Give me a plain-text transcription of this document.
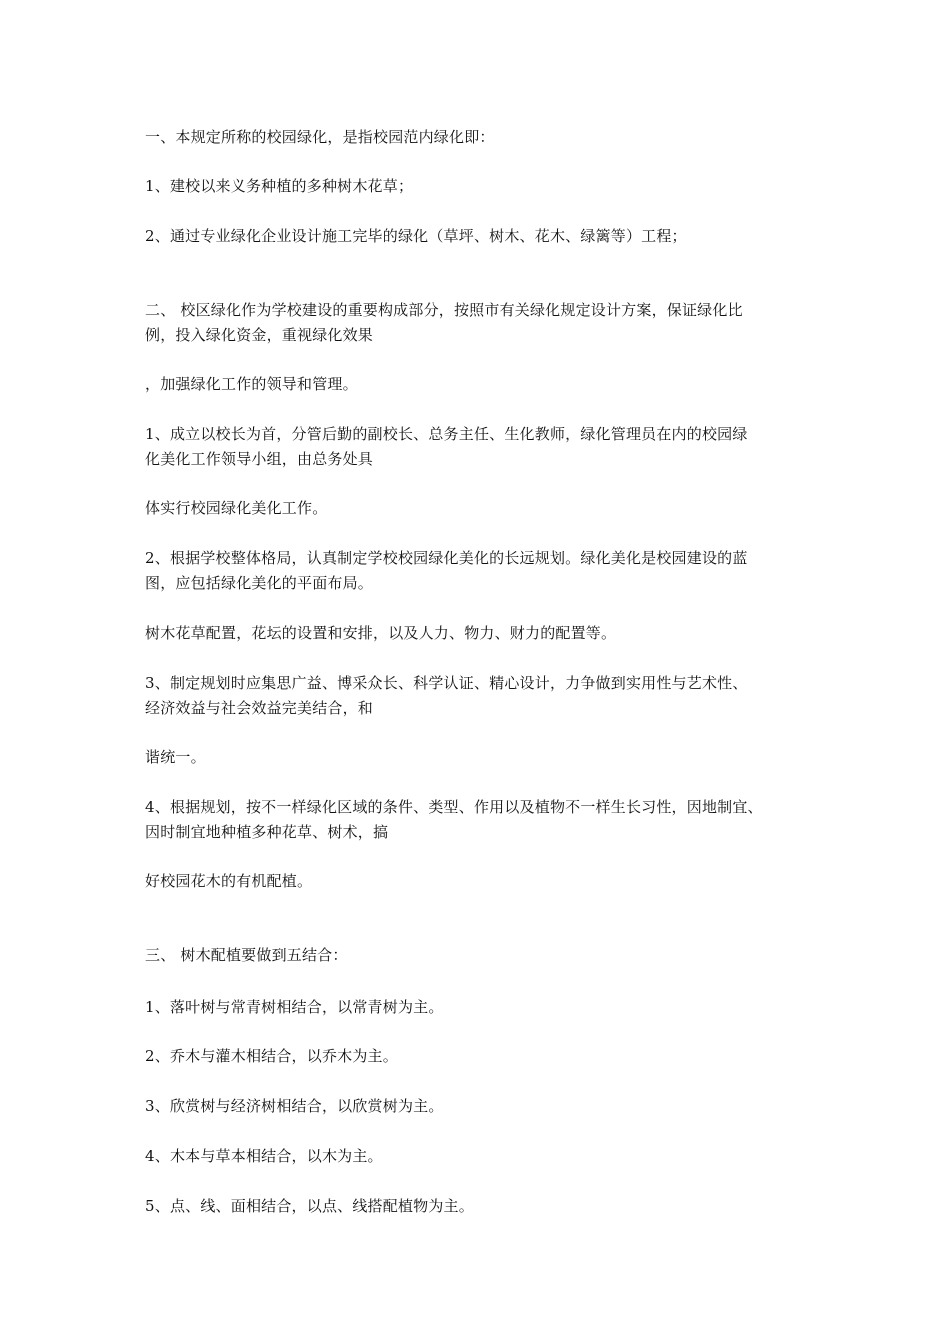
一、本规定所称的校园绿化，是指校园范内绿化即：
1、建校以来义务种植的多种树木花草；
2、通过专业绿化企业设计施工完毕的绿化（草坪、树木、花木、绿篱等）工程；
二、 校区绿化作为学校建设的重要构成部分，按照市有关绿化规定设计方案，保证绿化比
例，投入绿化资金，重视绿化效果
，加强绿化工作的领导和管理。
1、成立以校长为首，分管后勤的副校长、总务主任、生化教师，绿化管理员在内的校园绿
化美化工作领导小组，由总务处具
体实行校园绿化美化工作。
2、根据学校整体格局，认真制定学校校园绿化美化的长远规划。绿化美化是校园建设的蓝
图，应包括绿化美化的平面布局。
树木花草配置，花坛的设置和安排，以及人力、物力、财力的配置等。
3、制定规划时应集思广益、博采众长、科学认证、精心设计，力争做到实用性与艺术性、
经济效益与社会效益完美结合，和
谐统一。
4、根据规划，按不一样绿化区域的条件、类型、作用以及植物不一样生长习性，因地制宜、
因时制宜地种植多种花草、树术，搞
好校园花木的有机配植。
三、 树木配植要做到五结合：
1、落叶树与常青树相结合，以常青树为主。
2、乔木与灌木相结合，以乔木为主。
3、欣赏树与经济树相结合，以欣赏树为主。
4、木本与草本相结合，以木为主。
5、点、线、面相结合，以点、线搭配植物为主。
